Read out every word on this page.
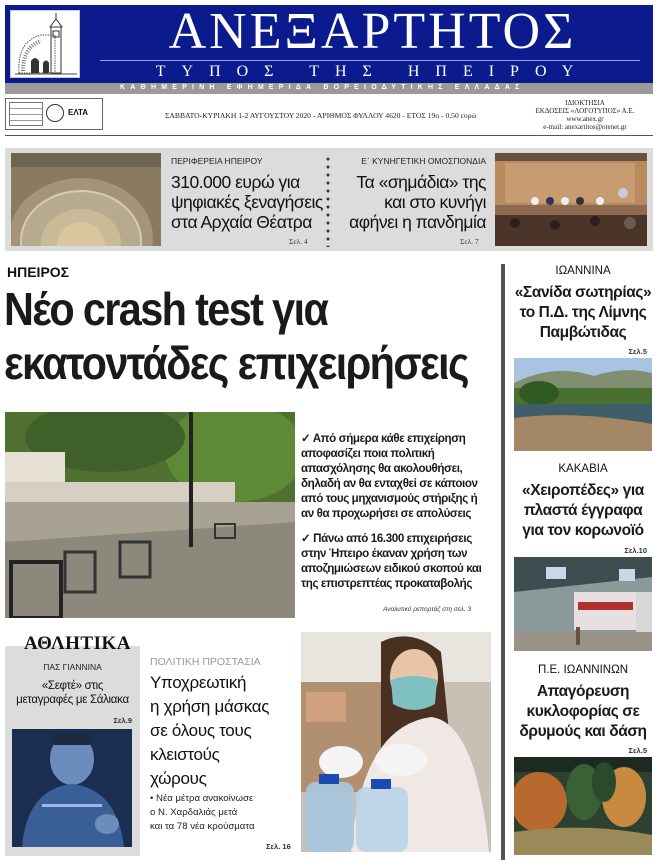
ΑΝΕΞΑΡΤΗΤΟΣ
ΤΥΠΟΣ ΤΗΣ ΗΠΕΙΡΟΥ
ΚΑΘΗΜΕΡΙΝΗ ΕΦΗΜΕΡΙΔΑ ΒΟΡΕΙΟΔΥΤΙΚΗΣ ΕΛΛΑΔΑΣ
ΕΛΤΑ	ΣΑΒΒΑΤΟ-ΚΥΡΙΑΚΗ 1-2 ΑΥΓΟΥΣΤΟΥ 2020 - ΑΡΙΘΜΟΣ ΦΥΛΛΟΥ 4620 - ΕΤΟΣ 19ο - 0,50 ευρώ
ΙΔΙΟΚΤΗΣΙΑ
ΕΚΔΟΣΕΙΣ «ΛΟΓΟΤΥΠΟΣ» Α.Ε.
www.anex.gr
e-mail: anexartitos@otenet.gr
ΠΕΡΙΦΕΡΕΙΑ ΗΠΕΙΡΟΥ
310.000 ευρώ για
ψηφιακές ξεναγήσεις
στα Αρχαία Θέατρα
Σελ. 4
Ε΄ ΚΥΝΗΓΕΤΙΚΗ ΟΜΟΣΠΟΝΔΙΑ
Τα «σημάδια» της
και στο κυνήγι
αφήνει η πανδημία
Σελ. 7
ΗΠΕΙΡΟΣ
Νέο crash test για
εκατοντάδες επιχειρήσεις
✓ Από σήμερα κάθε επιχείρηση
αποφασίζει ποια πολιτική
απασχόλησης θα ακολουθήσει,
δηλαδή αν θα ενταχθεί σε κάποιον
από τους μηχανισμούς στήριξης ή
αν θα προχωρήσει σε απολύσεις
✓ Πάνω από 16.300 επιχειρήσεις
στην Ήπειρο έκαναν χρήση των
αποζημιώσεων ειδικού σκοπού και
της επιστρεπτέας προκαταβολής
Αναλυτικό ρεπορτάζ στη σελ. 3
ΙΩΑΝΝΙΝΑ
«Σανίδα σωτηρίας»
το Π.Δ. της Λίμνης
Παμβώτιδας
Σελ.5
ΚΑΚΑΒΙΑ
«Χειροπέδες» για
πλαστά έγγραφα
για τον κορωνοϊό
Σελ.10
Π.Ε. ΙΩΑΝΝΙΝΩΝ
Απαγόρευση
κυκλοφορίας σε
δρυμούς και δάση
Σελ.5
ΑΘΛΗΤΙΚΑ
ΠΑΣ ΓΙΑΝΝΙΝΑ
«Σεφτέ» στις
μεταγραφές με Σάλιακα
Σελ.9
ΠΟΛΙΤΙΚΗ ΠΡΟΣΤΑΣΙΑ
Υποχρεωτική
η χρήση μάσκας
σε όλους τους
κλειστούς
χώρους
• Νέα μέτρα ανακοίνωσε
ο Ν. Χαρδαλιάς μετά
και τα 78 νέα κρούσματα
Σελ. 16
